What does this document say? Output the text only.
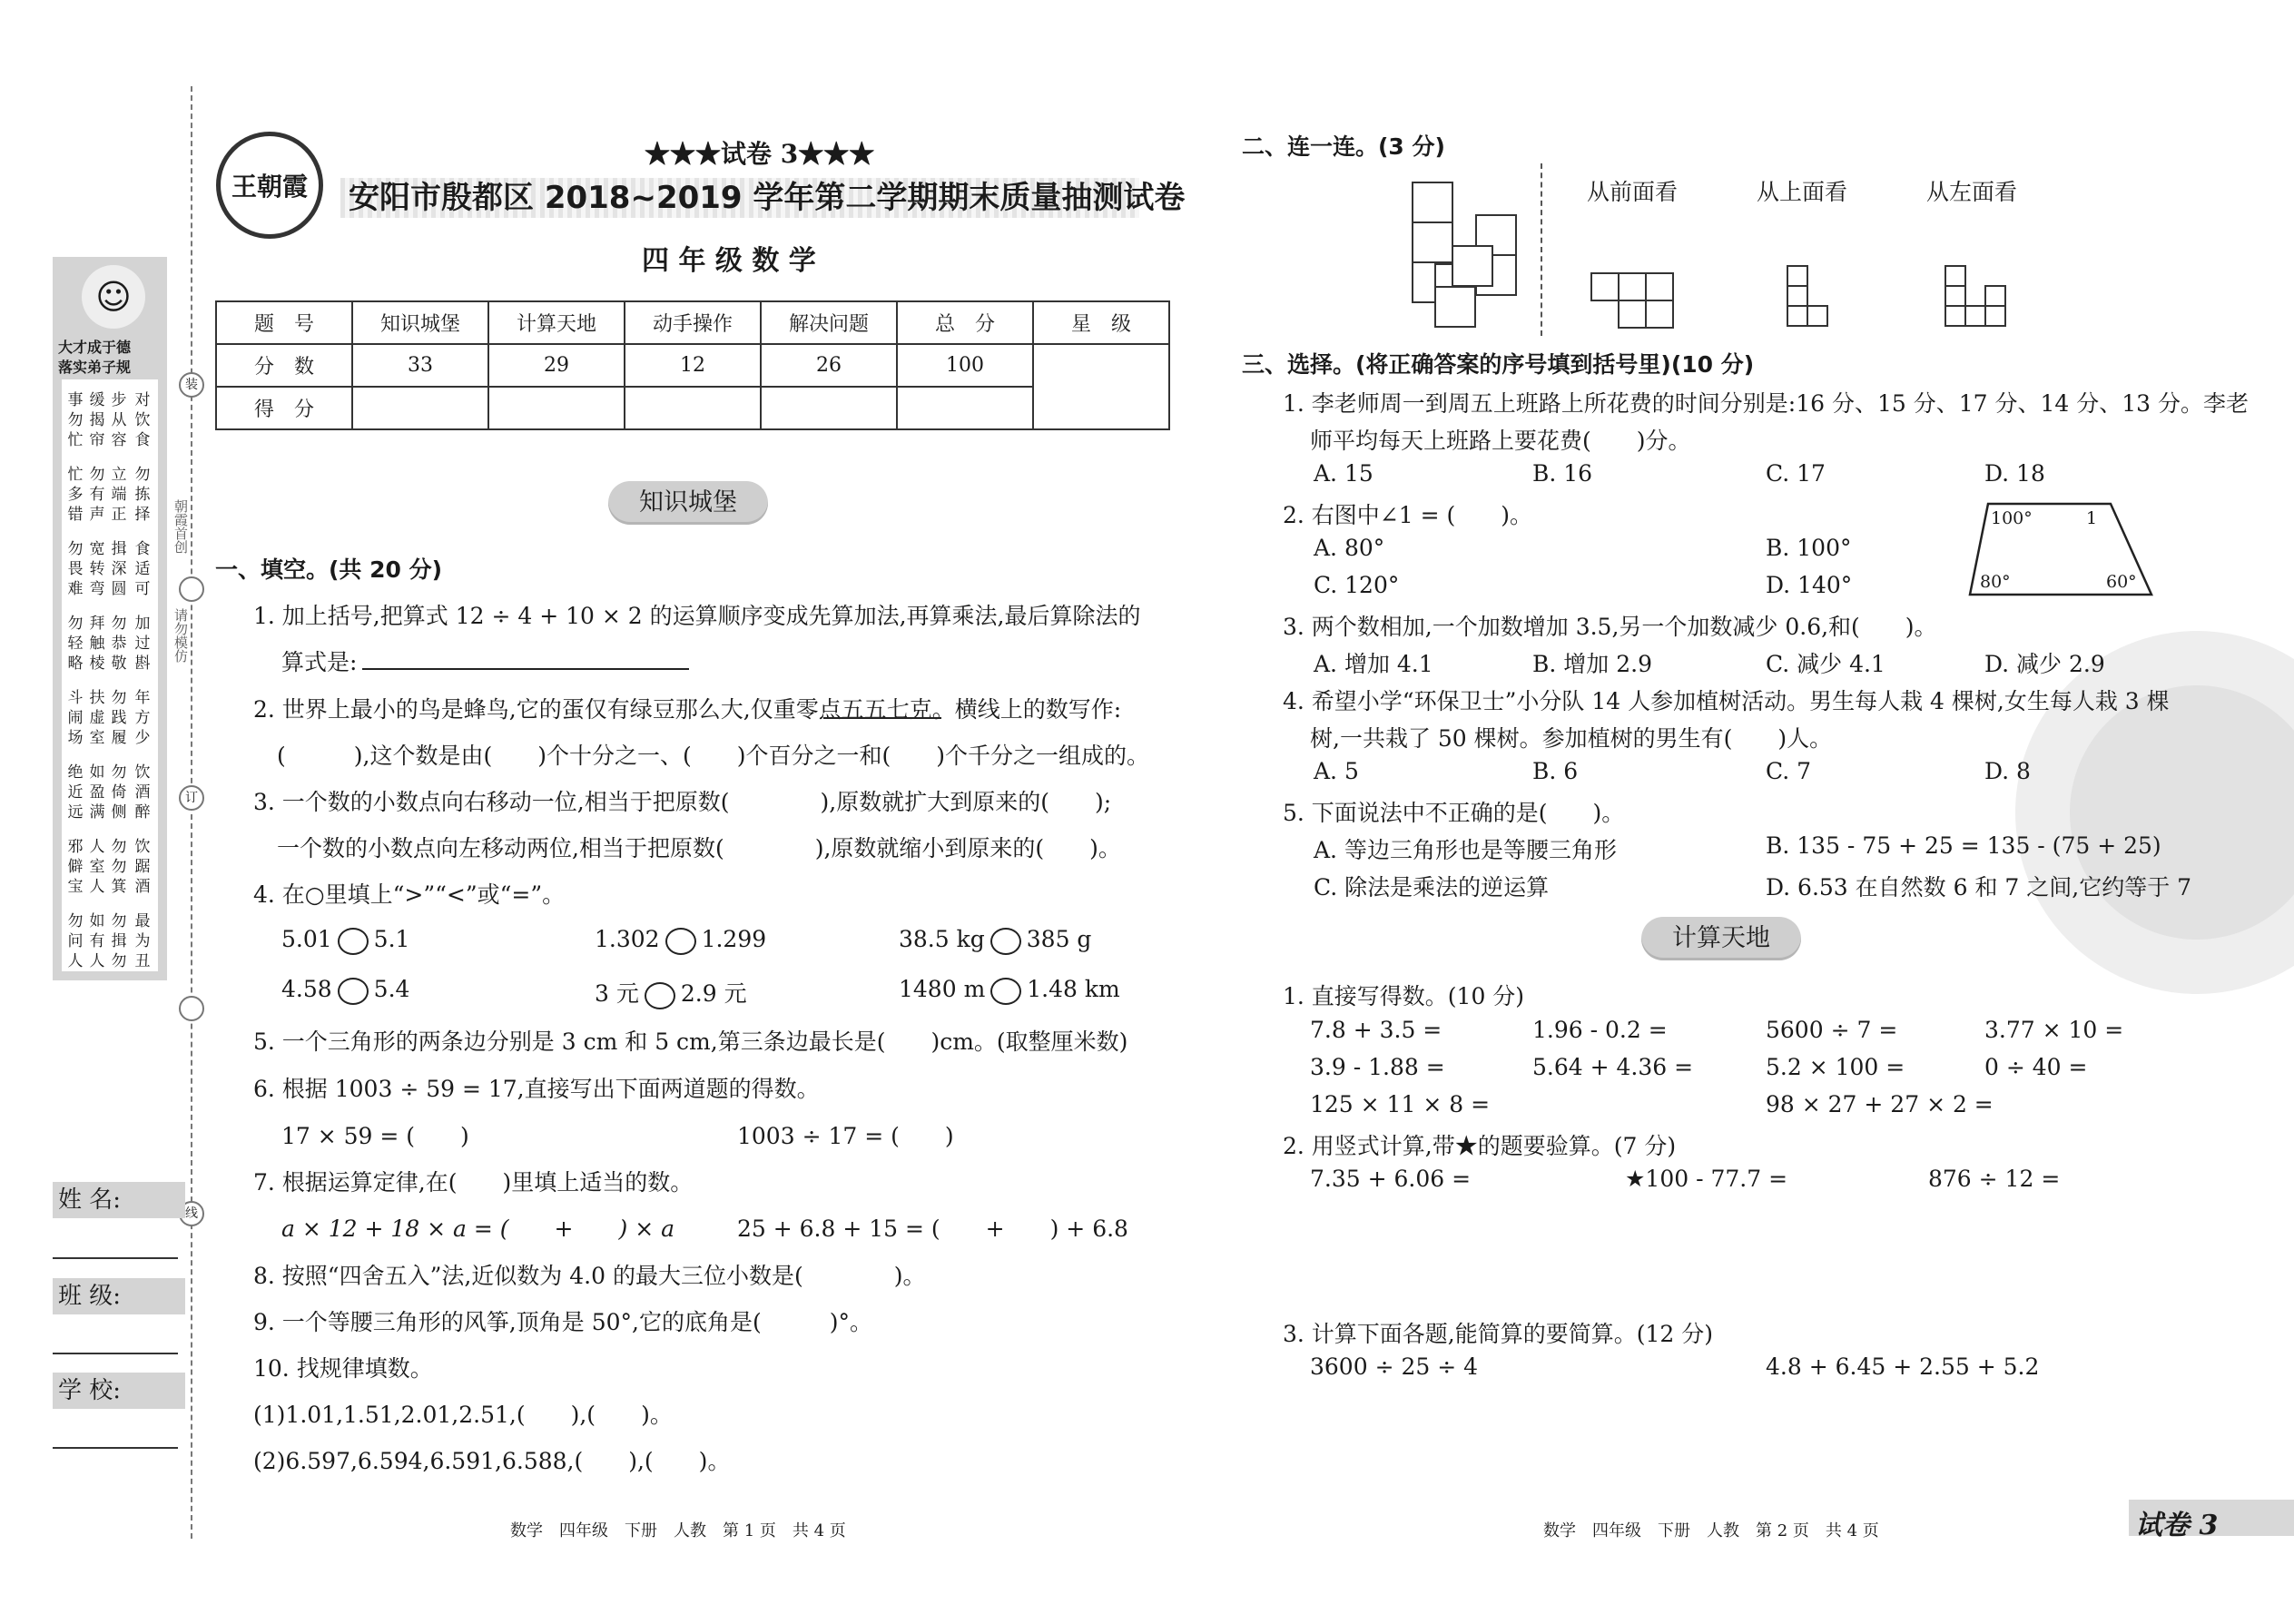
☺
大才成于德
落实弟子规
事勿忙
缓揭帘
步从容
对饮食
忙多错
勿有声
立端正
勿拣择
勿畏难
宽转弯
揖深圆
食适可
勿轻略
拜触棱
勿恭敬
加过斟
斗闹场
扶虚室
勿践履
年方少
绝近远
如盈满
勿倚侧
饮酒醉
邪僻宝
人室人
勿勿箕
饮踞酒
勿问人
如有人
勿揖勿
最为丑
装
朝霞首创
请勿模仿
订
线
姓 名:
班 级:
学 校:
王朝霞
★★★试卷 3★★★
安阳市殷都区 2018~2019 学年第二学期期末质量抽测试卷
四 年 级 数 学
题　号	知识城堡	计算天地	动手操作	解决问题	总　分	星　级
分　数	33	29	12	26	100	
得　分						
知识城堡
一、填空。(共 20 分)
1. 加上括号,把算式 12 ÷ 4 + 10 × 2 的运算顺序变成先算加法,再算乘法,最后算除法的
算式是:
2. 世界上最小的鸟是蜂鸟,它的蛋仅有绿豆那么大,仅重零点五五七克。横线上的数写作:
(　　　),这个数是由(　　)个十分之一、(　　)个百分之一和(　　)个千分之一组成的。
3. 一个数的小数点向右移动一位,相当于把原数(　　　　),原数就扩大到原来的(　　);
一个数的小数点向左移动两位,相当于把原数(　　　　),原数就缩小到原来的(　　)。
4. 在○里填上“>”“<”或“=”。
5.01 5.1	1.302 1.299	38.5 kg 385 g
4.58 5.4	3 元 2.9 元	1480 m 1.48 km
5. 一个三角形的两条边分别是 3 cm 和 5 cm,第三条边最长是(　　)cm。(取整厘米数)
6. 根据 1003 ÷ 59 = 17,直接写出下面两道题的得数。
17 × 59 = (　　)	1003 ÷ 17 = (　　)
7. 根据运算定律,在(　　)里填上适当的数。
a × 12 + 18 × a = (　　+　　) × a	25 + 6.8 + 15 = (　　+　　) + 6.8
8. 按照“四舍五入”法,近似数为 4.0 的最大三位小数是(　　　　)。
9. 一个等腰三角形的风筝,顶角是 50°,它的底角是(　　　)°。
10. 找规律填数。
(1)1.01,1.51,2.01,2.51,(　　),(　　)。
(2)6.597,6.594,6.591,6.588,(　　),(　　)。
二、连一连。(3 分)
从前面看	从上面看	从左面看
三、选择。(将正确答案的序号填到括号里)(10 分)
1. 李老师周一到周五上班路上所花费的时间分别是:16 分、15 分、17 分、14 分、13 分。李老
师平均每天上班路上要花费(　　)分。
A. 15	B. 16	C. 17	D. 18
2. 右图中∠1 = (　　)。
A. 80°	B. 100°
C. 120°	D. 140°
100°	1
80°	60°
3. 两个数相加,一个加数增加 3.5,另一个加数减少 0.6,和(　　)。
A. 增加 4.1	B. 增加 2.9	C. 减少 4.1	D. 减少 2.9
4. 希望小学“环保卫士”小分队 14 人参加植树活动。男生每人栽 4 棵树,女生每人栽 3 棵
树,一共栽了 50 棵树。参加植树的男生有(　　)人。
A. 5	B. 6	C. 7	D. 8
5. 下面说法中不正确的是(　　)。
A. 等边三角形也是等腰三角形	B. 135 - 75 + 25 = 135 - (75 + 25)
C. 除法是乘法的逆运算	D. 6.53 在自然数 6 和 7 之间,它约等于 7
计算天地
1. 直接写得数。(10 分)
7.8 + 3.5 =	1.96 - 0.2 =	5600 ÷ 7 =	3.77 × 10 =
3.9 - 1.88 =	5.64 + 4.36 =	5.2 × 100 =	0 ÷ 40 =
125 × 11 × 8 =	98 × 27 + 27 × 2 =
2. 用竖式计算,带★的题要验算。(7 分)
7.35 + 6.06 =	★100 - 77.7 =	876 ÷ 12 =
3. 计算下面各题,能简算的要简算。(12 分)
3600 ÷ 25 ÷ 4	4.8 + 6.45 + 2.55 + 5.2
数学　四年级　下册　人教　第 1 页　共 4 页	数学　四年级　下册　人教　第 2 页　共 4 页	试卷 3
